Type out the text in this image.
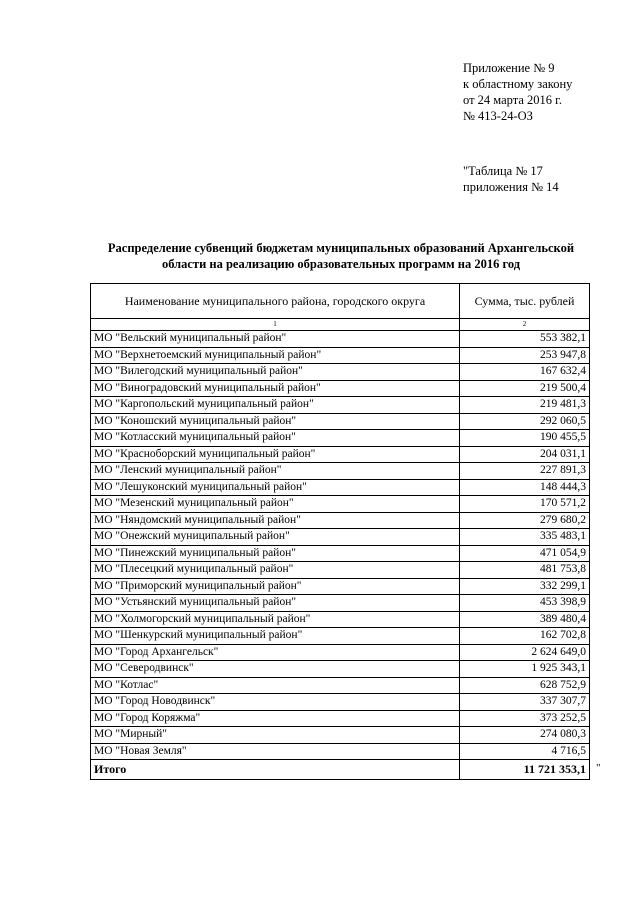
Приложение № 9
к областному закону
от 24 марта 2016 г.
№ 413-24-ОЗ
"Таблица № 17
приложения № 14
Распределение субвенций бюджетам муниципальных образований Архангельской
области на реализацию образовательных программ на 2016 год
Наименование муниципального района, городского округа	Сумма, тыс. рублей
1	2
МО "Вельский муниципальный район"	553 382,1
МО "Верхнетоемский муниципальный район"	253 947,8
МО "Вилегодский муниципальный район"	167 632,4
МО "Виноградовский муниципальный район"	219 500,4
МО "Каргопольский муниципальный район"	219 481,3
МО "Коношский муниципальный район"	292 060,5
МО "Котласский муниципальный район"	190 455,5
МО "Красноборский муниципальный район"	204 031,1
МО "Ленский муниципальный район"	227 891,3
МО "Лешуконский муниципальный район"	148 444,3
МО "Мезенский муниципальный район"	170 571,2
МО "Няндомский муниципальный район"	279 680,2
МО "Онежский муниципальный район"	335 483,1
МО "Пинежский муниципальный район"	471 054,9
МО "Плесецкий муниципальный район"	481 753,8
МО "Приморский муниципальный район"	332 299,1
МО "Устьянский муниципальный район"	453 398,9
МО "Холмогорский муниципальный район"	389 480,4
МО "Шенкурский муниципальный район"	162 702,8
МО "Город Архангельск"	2 624 649,0
МО "Северодвинск"	1 925 343,1
МО "Котлас"	628 752,9
МО "Город Новодвинск"	337 307,7
МО "Город Коряжма"	373 252,5
МО "Мирный"	274 080,3
МО "Новая Земля"	4 716,5
Итого	11 721 353,1 "
